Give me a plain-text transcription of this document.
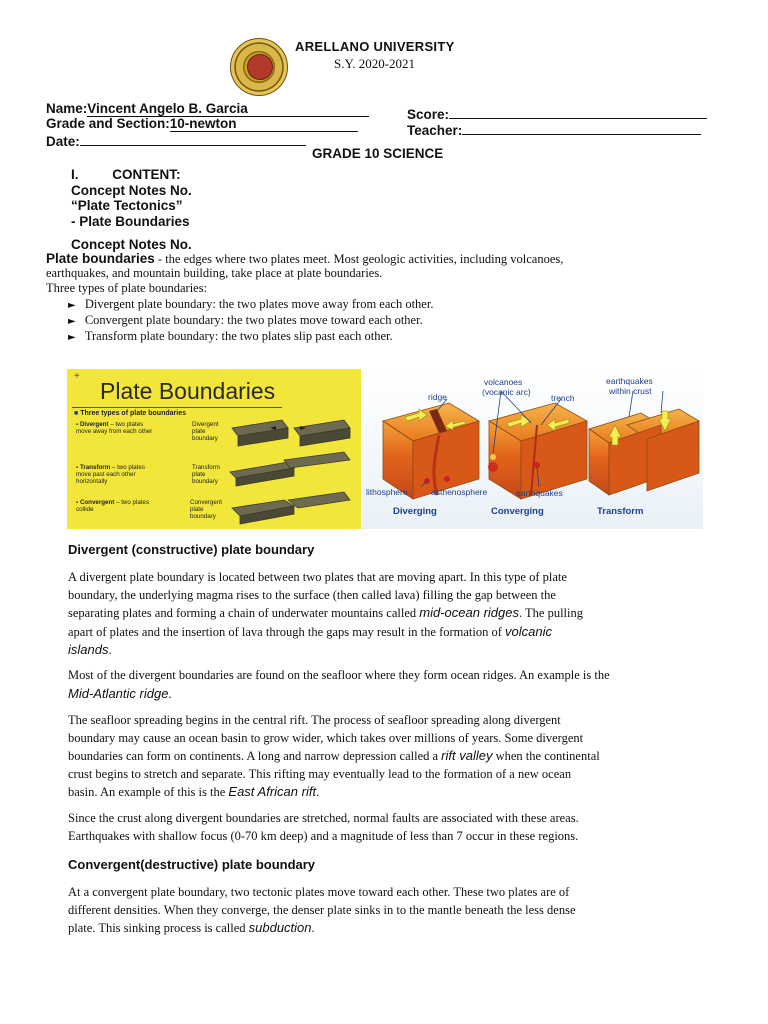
ARELLANO UNIVERSITY
S.Y. 2020-2021
Name:Vincent Angelo B. Garcia
Grade and Section:10-newton
Date:
Score:
Teacher:
GRADE 10 SCIENCE
I.	CONTENT:
Concept Notes No.
“Plate Tectonics”
- Plate Boundaries
Concept Notes No.
Plate boundaries - the edges where two plates meet. Most geologic activities, including volcanoes,
earthquakes, and mountain building, take place at plate boundaries.
Three types of plate boundaries:
► Divergent plate boundary: the two plates move away from each other.
► Convergent plate boundary: the two plates move toward each other.
► Transform plate boundary: the two plates slip past each other.
+
Plate Boundaries
■ Three types of plate boundaries
▪ Divergent – two plates move away from each other
Divergent plate boundary
▪ Transform – two plates move past each other horizontally
Transform plate boundary
▪ Convergent – two plates collide
Convergent plate boundary
ridge
volcanoes
(vocanic arc)
trench
earthquakes
within crust
lithosphere	asthenosphere	earthquakes
Diverging	Converging	Transform
Divergent (constructive) plate boundary
A divergent plate boundary is located between two plates that are moving apart. In this type of plate
boundary, the underlying magma rises to the surface (then called lava) filling the gap between the
separating plates and forming a chain of underwater mountains called mid-ocean ridges. The pulling
apart of plates and the insertion of lava through the gaps may result in the formation of volcanic
islands.
Most of the divergent boundaries are found on the seafloor where they form ocean ridges. An example is the
Mid-Atlantic ridge.
The seafloor spreading begins in the central rift. The process of seafloor spreading along divergent
boundary may cause an ocean basin to grow wider, which takes over millions of years. Some divergent
boundaries can form on continents. A long and narrow depression called a rift valley when the continental
crust begins to stretch and separate. This rifting may eventually lead to the formation of a new ocean
basin. An example of this is the East African rift.
Since the crust along divergent boundaries are stretched, normal faults are associated with these areas.
Earthquakes with shallow focus (0-70 km deep) and a magnitude of less than 7 occur in these regions.
Convergent(destructive) plate boundary
At a convergent plate boundary, two tectonic plates move toward each other. These two plates are of
different densities. When they converge, the denser plate sinks in to the mantle beneath the less dense
plate. This sinking process is called subduction.
